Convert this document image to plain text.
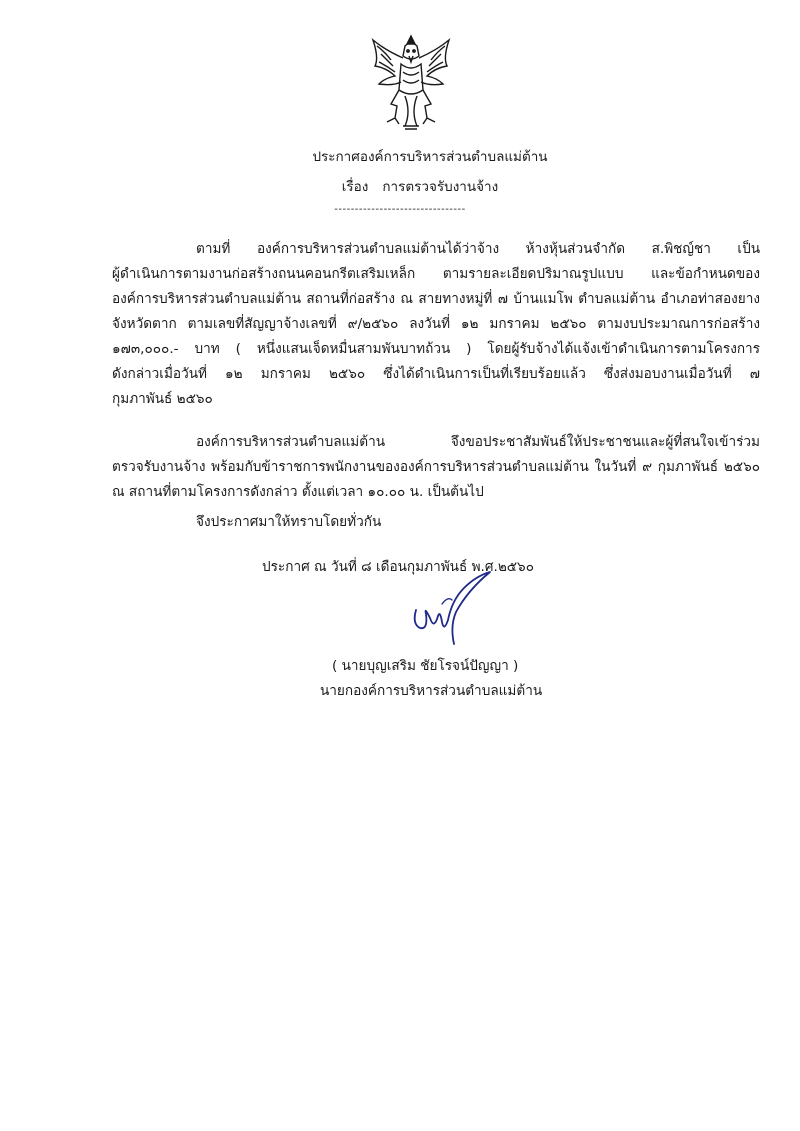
ประกาศองค์การบริหารส่วนตำบลแม่ต้าน
เรื่อง การตรวจรับงานจ้าง
--------------------------------
ตามที่ องค์การบริหารส่วนตำบลแม่ต้านได้ว่าจ้าง ห้างหุ้นส่วนจำกัด ส.พิชญ์ชา เป็น
ผู้ดำเนินการตามงานก่อสร้างถนนคอนกรีตเสริมเหล็ก ตามรายละเอียดปริมาณรูปแบบ และข้อกำหนดของ
องค์การบริหารส่วนตำบลแม่ต้าน สถานที่ก่อสร้าง ณ สายทางหมู่ที่ ๗ บ้านแมโพ ตำบลแม่ต้าน อำเภอท่าสองยาง
จังหวัดตาก ตามเลขที่สัญญาจ้างเลขที่ ๙/๒๕๖๐ ลงวันที่ ๑๒ มกราคม ๒๕๖๐ ตามงบประมาณการก่อสร้าง
๑๗๓,๐๐๐.- บาท ( หนึ่งแสนเจ็ดหมื่นสามพันบาทถ้วน ) โดยผู้รับจ้างได้แจ้งเข้าดำเนินการตามโครงการ
ดังกล่าวเมื่อวันที่ ๑๒ มกราคม ๒๕๖๐ ซึ่งได้ดำเนินการเป็นที่เรียบร้อยแล้ว ซึ่งส่งมอบงานเมื่อวันที่ ๗
กุมภาพันธ์ ๒๕๖๐
องค์การบริหารส่วนตำบลแม่ต้าน จึงขอประชาสัมพันธ์ให้ประชาชนและผู้ที่สนใจเข้าร่วม
ตรวจรับงานจ้าง พร้อมกับข้าราชการพนักงานขององค์การบริหารส่วนตำบลแม่ต้าน ในวันที่ ๙ กุมภาพันธ์ ๒๕๖๐
ณ สถานที่ตามโครงการดังกล่าว ตั้งแต่เวลา ๑๐.๐๐ น. เป็นต้นไป
จึงประกาศมาให้ทราบโดยทั่วกัน
ประกาศ ณ วันที่ ๘ เดือนกุมภาพันธ์ พ.ศ.๒๕๖๐
( นายบุญเสริม ชัยโรจน์ปัญญา )
นายกองค์การบริหารส่วนตำบลแม่ต้าน
